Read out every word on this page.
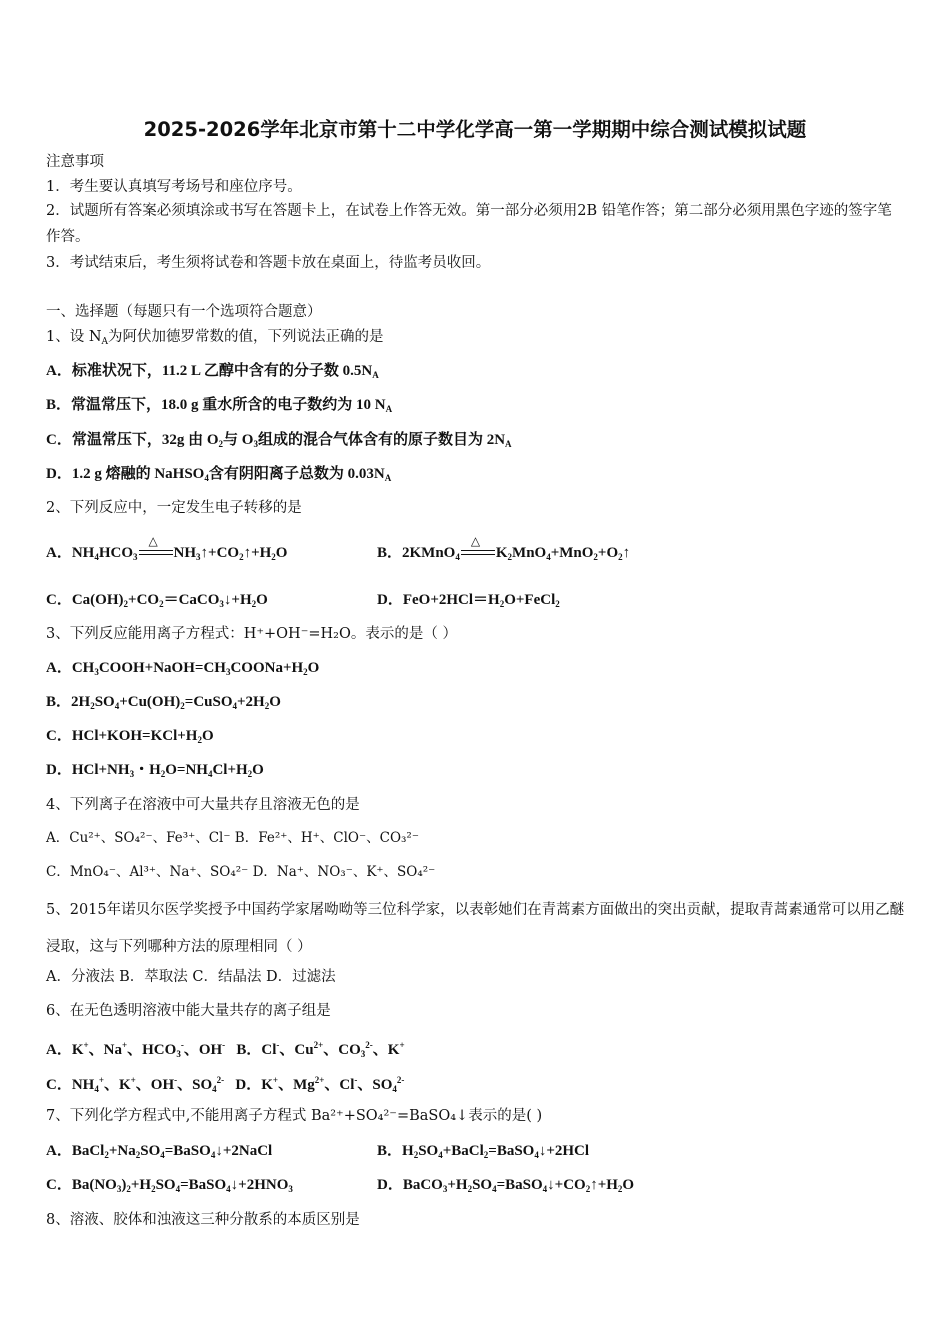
2025-2026学年北京市第十二中学化学高一第一学期期中综合测试模拟试题
注意事项
1．考生要认真填写考场号和座位序号。
2．试题所有答案必须填涂或书写在答题卡上，在试卷上作答无效。第一部分必须用2B 铅笔作答；第二部分必须用黑色字迹的签字笔作答。
3．考试结束后，考生须将试卷和答题卡放在桌面上，待监考员收回。
一、选择题（每题只有一个选项符合题意）
1、设 $N_A$为阿伏加德罗常数的值，下列说法正确的是
A．标准状况下，11.2 L 乙醇中含有的分子数 $0.5N_A$
B．常温常压下，18.0 g 重水所含的电子数约为 10 $N_A$
C．常温常压下，32g 由 $O_2$与 $O_3$组成的混合气体含有的原子数目为 $2N_A$
D．1.2 g 熔融的 NaHSO$_4$含有阴阳离子总数为 $0.03N_A$
2、下列反应中，一定发生电子转移的是
A．$NH_4HCO_3$
△
$NH_3↑+CO_2↑+H_2O$	B．2KMnO$_4$
△
$K_2MnO_4+MnO_2+O_2↑$
C．$Ca(OH)_2+CO_2=CaCO_3↓+H_2O$	D．$FeO+2HCl=H_2O+FeCl_2$
3、下列反应能用离子方程式：H⁺+OH⁻=H₂O。表示的是（ ）
A．$CH_3COOH+NaOH=CH_3COONa+H_2O$
B．$2H_2SO_4+Cu(OH)_2=CuSO_4+2H_2O$
C．$HCl+KOH=KCl+H_2O$
D．$HCl+NH_3$・$H_2O=NH_4Cl+H_2O$
4、下列离子在溶液中可大量共存且溶液无色的是
A．Cu²⁺、SO₄²⁻、Fe³⁺、Cl⁻ B．Fe²⁺、H⁺、ClO⁻、CO₃²⁻
C．MnO₄⁻、Al³⁺、Na⁺、SO₄²⁻ D．Na⁺、NO₃⁻、K⁺、SO₄²⁻
5、2015年诺贝尔医学奖授予中国药学家屠呦呦等三位科学家，以表彰她们在青蒿素方面做出的突出贡献，提取青蒿素通常可以用乙醚浸取，这与下列哪种方法的原理相同（ ）
A．分液法 B．萃取法 C．结晶法 D．过滤法
6、在无色透明溶液中能大量共存的离子组是
A．K+、Na+、$HCO_3^-$、OH-   B．Cl-、$Cu^{2+}$、$CO_3^{2-}$、K+
C．$NH_4^+$、K+、OH-、$SO_4^{2-}$   D．K+、$Mg^{2+}$、Cl-、$SO_4^{2-}$
7、下列化学方程式中,不能用离子方程式 Ba²⁺+SO₄²⁻=BaSO₄↓表示的是( )
A．$BaCl_2+Na_2SO_4=BaSO_4↓+2NaCl$	B．$H_2SO_4+BaCl_2=BaSO_4↓+2HCl$
C．$Ba(NO_3)_2+H_2SO_4=BaSO_4↓+2HNO_3$	D．$BaCO_3+H_2SO_4=BaSO_4↓+CO_2↑+H_2O$
8、溶液、胶体和浊液这三种分散系的本质区别是
